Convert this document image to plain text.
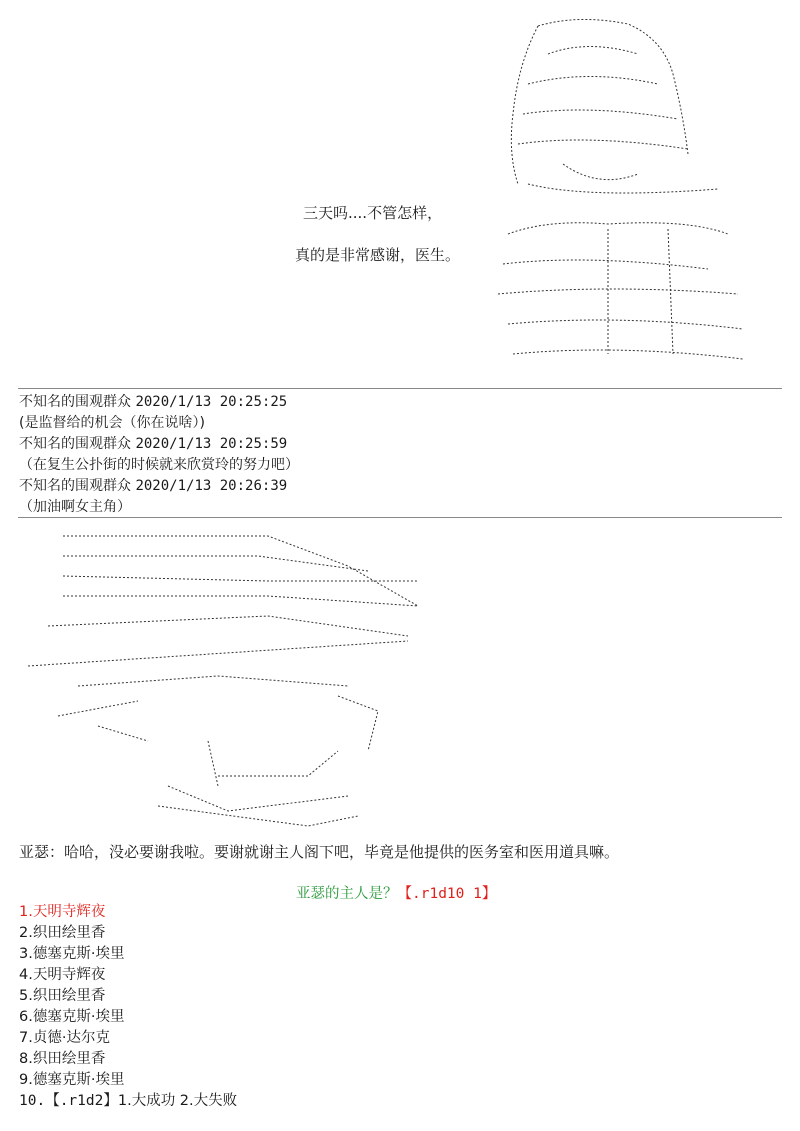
三天吗....不管怎样，
真的是非常感谢，医生。
不知名的围观群众 2020/1/13 20:25:25
(是监督给的机会（你在说啥）)
不知名的围观群众 2020/1/13 20:25:59
（在复生公扑街的时候就来欣赏玲的努力吧）
不知名的围观群众 2020/1/13 20:26:39
（加油啊女主角）
亚瑟：哈哈，没必要谢我啦。要谢就谢主人阁下吧，毕竟是他提供的医务室和医用道具嘛。
亚瑟的主人是？【.r1d10 1】
1.天明寺辉夜
2.织田绘里香
3.德塞克斯·埃里
4.天明寺辉夜
5.织田绘里香
6.德塞克斯·埃里
7.贞德·达尔克
8.织田绘里香
9.德塞克斯·埃里
10.【.r1d2】1.大成功 2.大失败
